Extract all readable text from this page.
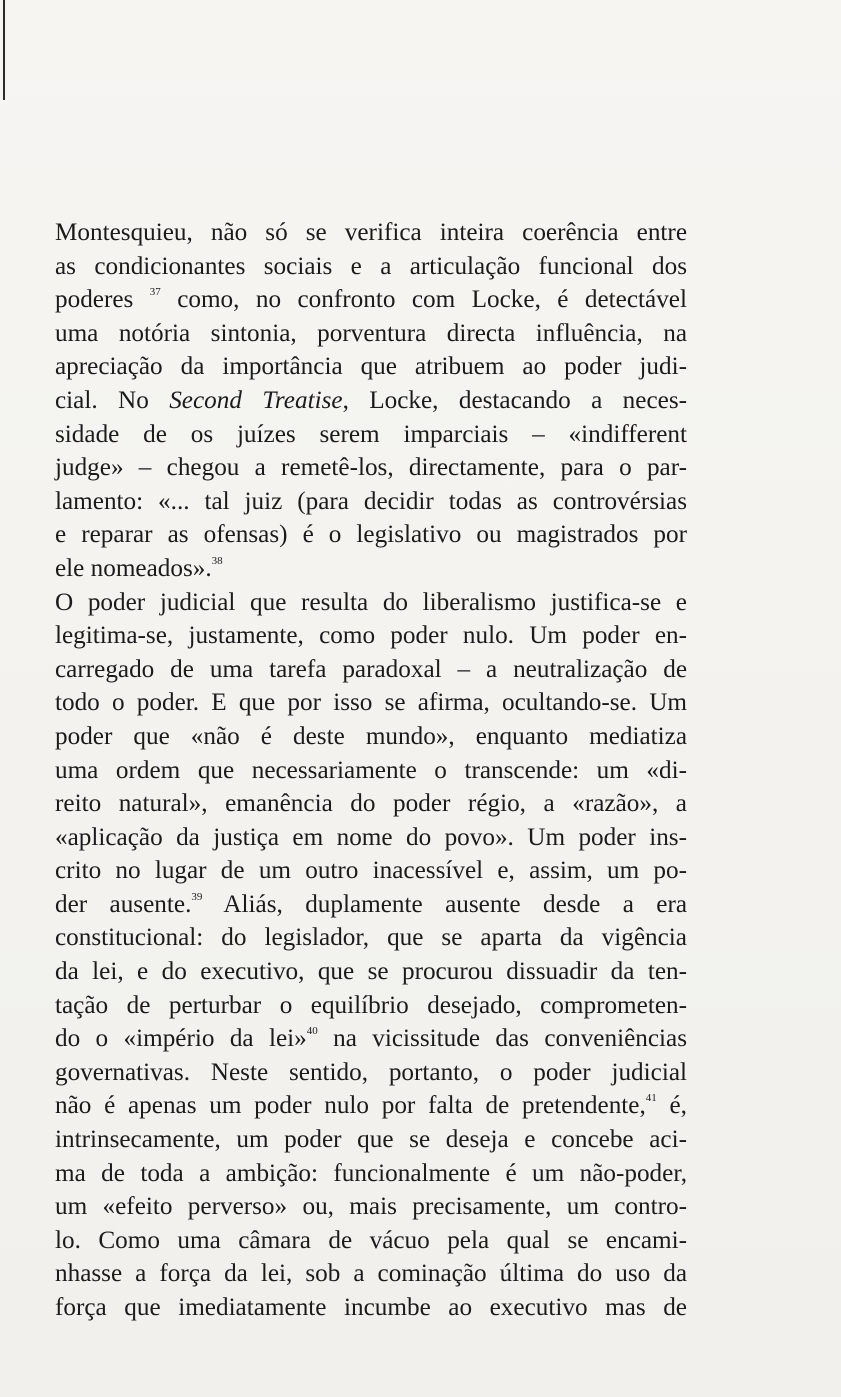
Montesquieu, não só se verifica inteira coerência entre
as condicionantes sociais e a articulação funcional dos
poderes $^{37}$ como, no confronto com Locke, é detectável
uma notória sintonia, porventura directa influência, na
apreciação da importância que atribuem ao poder judi-
cial. No Second Treatise, Locke, destacando a neces-
sidade de os juízes serem imparciais – «indifferent
judge» – chegou a remetê-los, directamente, para o par-
lamento: «... tal juiz (para decidir todas as controvérsias
e reparar as ofensas) é o legislativo ou magistrados por
ele nomeados».$^{38}$
O poder judicial que resulta do liberalismo justifica-se e
legitima-se, justamente, como poder nulo. Um poder en-
carregado de uma tarefa paradoxal – a neutralização de
todo o poder. E que por isso se afirma, ocultando-se. Um
poder que «não é deste mundo», enquanto mediatiza
uma ordem que necessariamente o transcende: um «di-
reito natural», emanência do poder régio, a «razão», a
«aplicação da justiça em nome do povo». Um poder ins-
crito no lugar de um outro inacessível e, assim, um po-
der ausente.$^{39}$ Aliás, duplamente ausente desde a era
constitucional: do legislador, que se aparta da vigência
da lei, e do executivo, que se procurou dissuadir da ten-
tação de perturbar o equilíbrio desejado, comprometen-
do o «império da lei»$^{40}$ na vicissitude das conveniências
governativas. Neste sentido, portanto, o poder judicial
não é apenas um poder nulo por falta de pretendente,$^{41}$ é,
intrinsecamente, um poder que se deseja e concebe aci-
ma de toda a ambição: funcionalmente é um não-poder,
um «efeito perverso» ou, mais precisamente, um contro-
lo. Como uma câmara de vácuo pela qual se encami-
nhasse a força da lei, sob a cominação última do uso da
força que imediatamente incumbe ao executivo mas de
